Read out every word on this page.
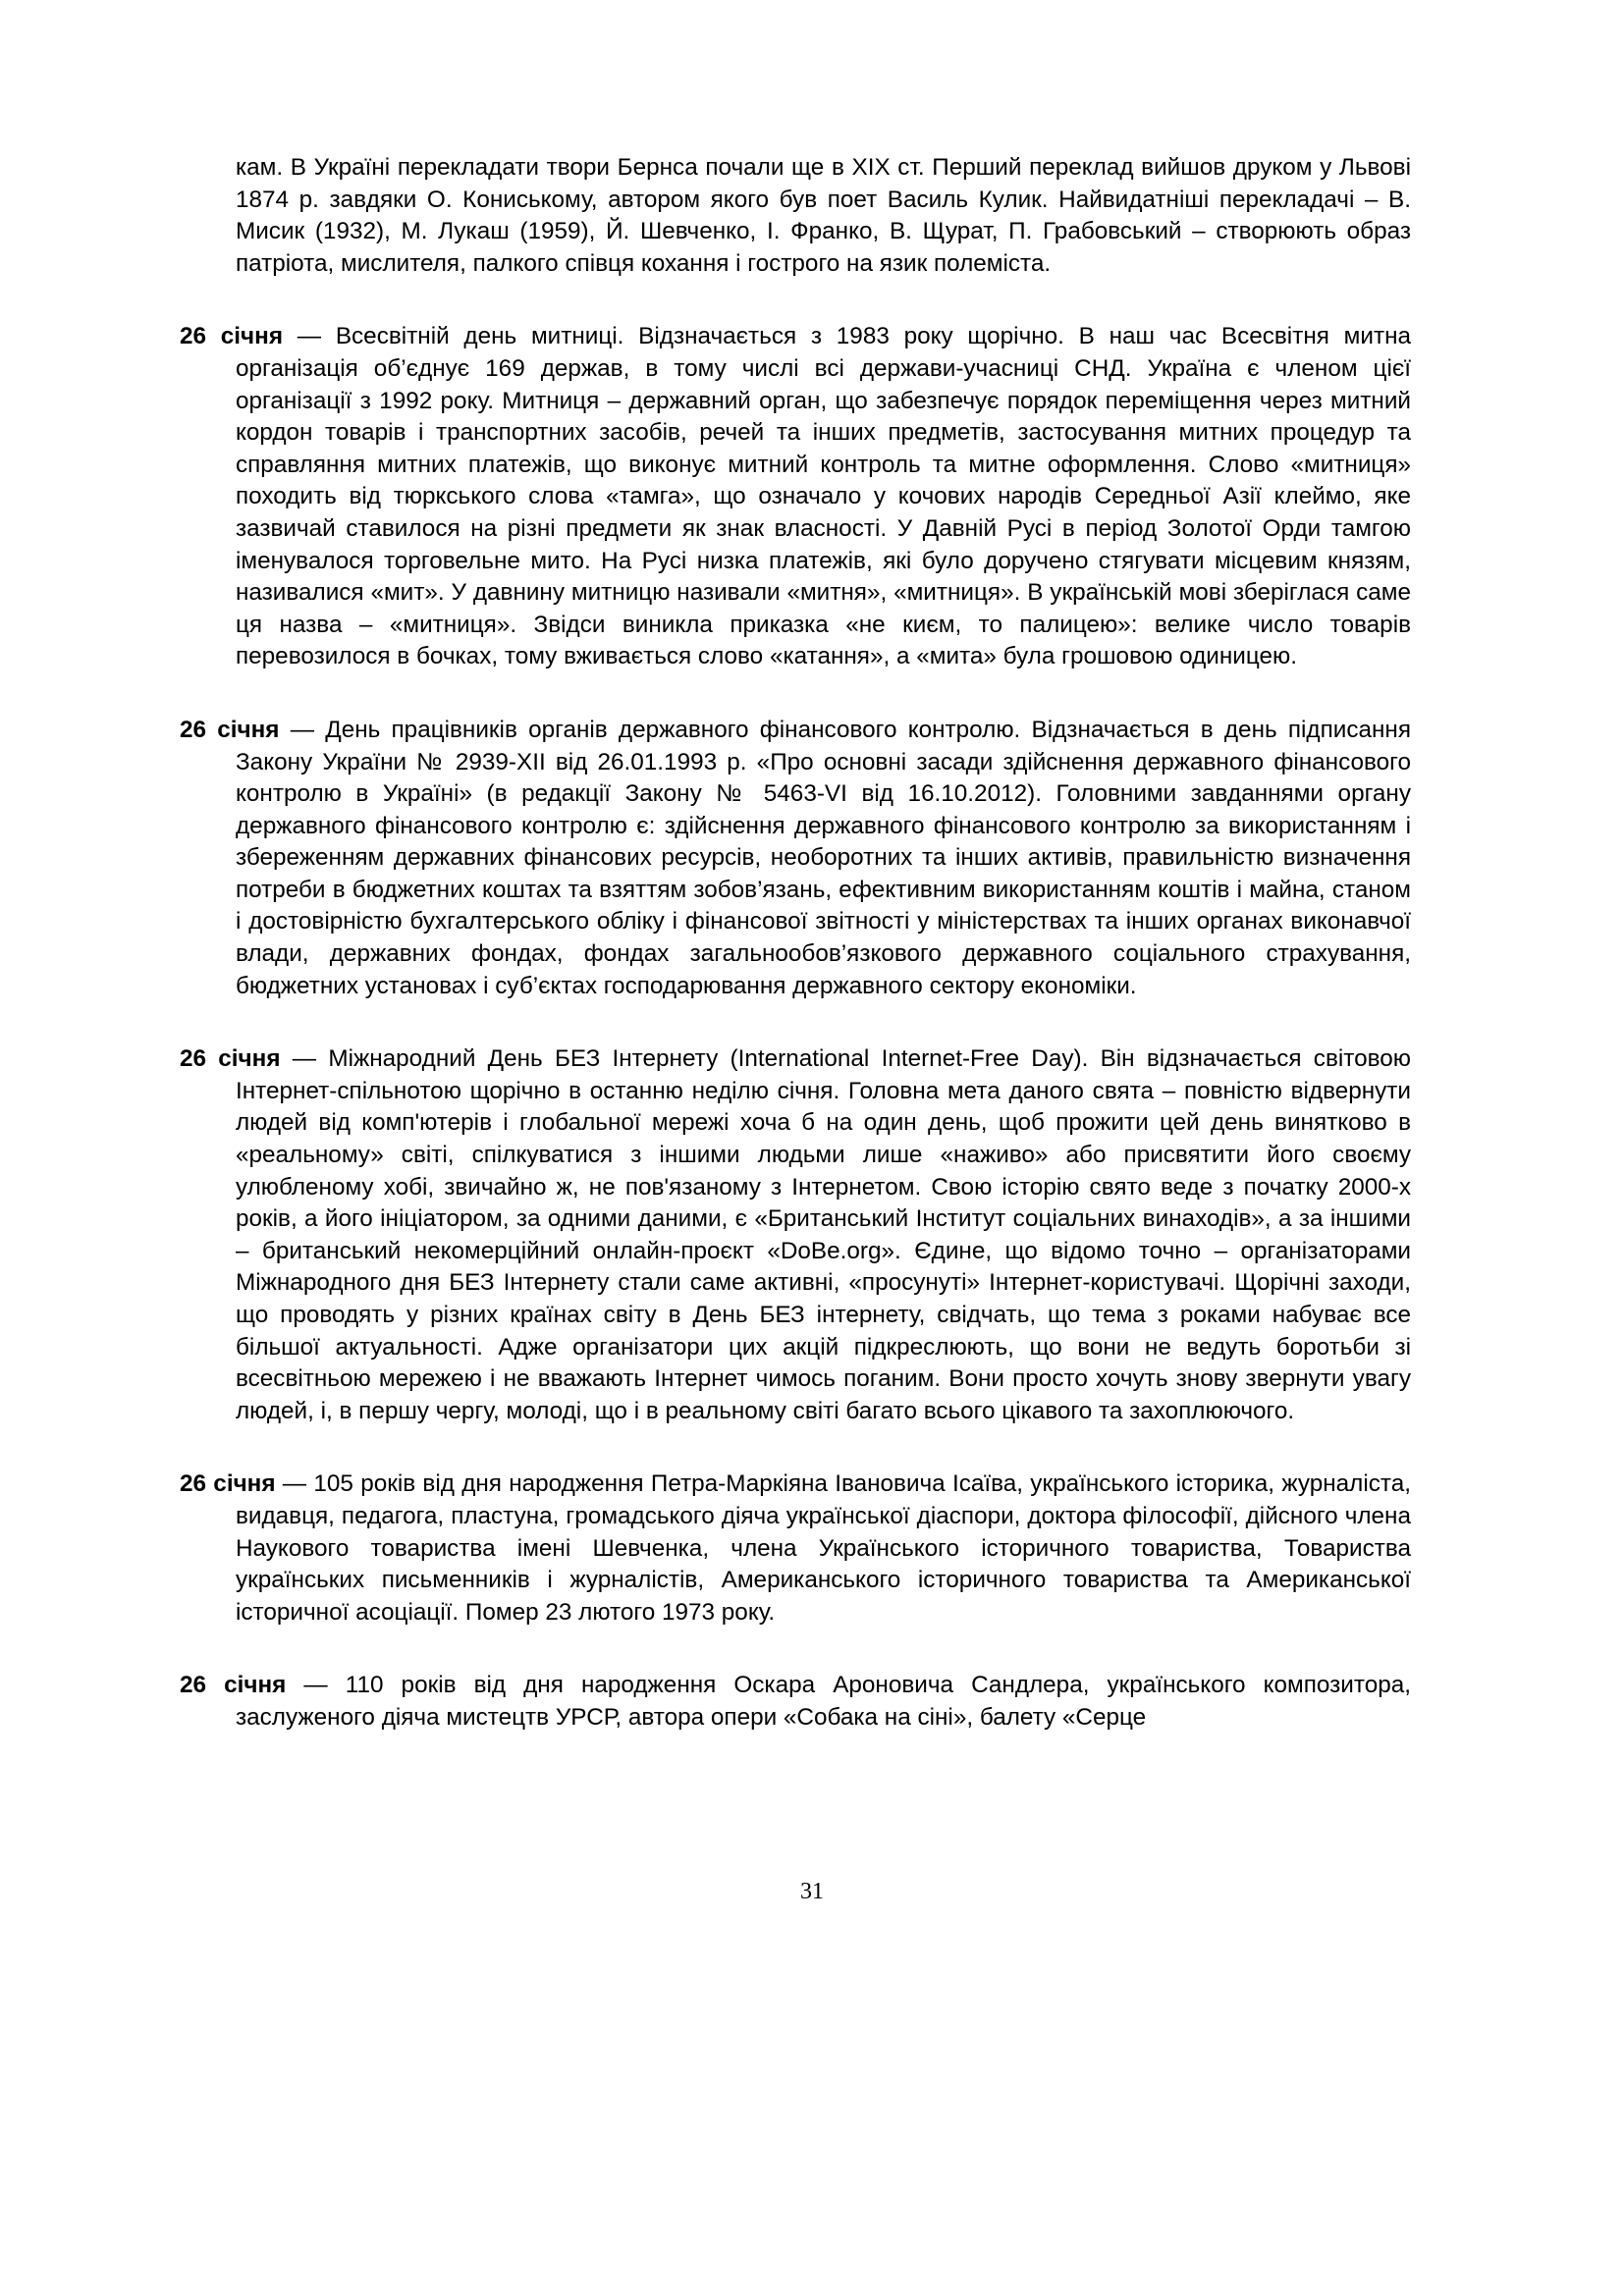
кам. В Україні перекладати твори Бернса почали ще в XIX ст. Перший переклад вийшов друком у Львові 1874 р. завдяки О. Кониському, автором якого був поет Василь Кулик. Найвидатніші перекладачі – В. Мисик (1932), М. Лукаш (1959), Й. Шевченко, І. Франко, В. Щурат, П. Грабовський – створюють образ патріота, мислителя, палкого співця кохання і гострого на язик полеміста.

26 січня — Всесвітній день митниці. Відзначається з 1983 року щорічно. В наш час Всесвітня митна організація об’єднує 169 держав, в тому числі всі держави-учасниці СНД. Україна є членом цієї організації з 1992 року. Митниця – державний орган, що забезпечує порядок переміщення через митний кордон товарів і транспортних засобів, речей та інших предметів, застосування митних процедур та справляння митних платежів, що виконує митний контроль та митне оформлення. Слово «митниця» походить від тюркського слова «тамга», що означало у кочових народів Середньої Азії клеймо, яке зазвичай ставилося на різні предмети як знак власності. У Давній Русі в період Золотої Орди тамгою іменувалося торговельне мито. На Русі низка платежів, які було доручено стягувати місцевим князям, називалися «мит». У давнину митницю називали «митня», «митниця». В українській мові зберіглася саме ця назва – «митниця». Звідси виникла приказка «не києм, то палицею»: велике число товарів перевозилося в бочках, тому вживається слово «катання», а «мита» була грошовою одиницею.

26 січня — День працівників органів державного фінансового контролю. Відзначається в день підписання Закону України № 2939-XII від 26.01.1993 р. «Про основні засади здійснення державного фінансового контролю в Україні» (в редакції Закону № 5463-VI від 16.10.2012). Головними завданнями органу державного фінансового контролю є: здійснення державного фінансового контролю за використанням і збереженням державних фінансових ресурсів, необоротних та інших активів, правильністю визначення потреби в бюджетних коштах та взяттям зобов’язань, ефективним використанням коштів і майна, станом і достовірністю бухгалтерського обліку і фінансової звітності у міністерствах та інших органах виконавчої влади, державних фондах, фондах загальнообов’язкового державного соціального страхування, бюджетних установах і суб’єктах господарювання державного сектору економіки.

26 січня — Міжнародний День БЕЗ Інтернету (International Internet-Free Day). Він відзначається світовою Інтернет-спільнотою щорічно в останню неділю січня. Головна мета даного свята – повністю відвернути людей від комп'ютерів і глобальної мережі хоча б на один день, щоб прожити цей день винятково в «реальному» світі, спілкуватися з іншими людьми лише «наживо» або присвятити його своєму улюбленому хобі, звичайно ж, не пов'язаному з Інтернетом. Свою історію свято веде з початку 2000-х років, а його ініціатором, за одними даними, є «Британський Інститут соціальних винаходів», а за іншими – британський некомерційний онлайн-проєкт «DoBe.org». Єдине, що відомо точно – організаторами Міжнародного дня БЕЗ Інтернету стали саме активні, «просунуті» Інтернет-користувачі. Щорічні заходи, що проводять у різних країнах світу в День БЕЗ інтернету, свідчать, що тема з роками набуває все більшої актуальності. Адже організатори цих акцій підкреслюють, що вони не ведуть боротьби зі всесвітньою мережею і не вважають Інтернет чимось поганим. Вони просто хочуть знову звернути увагу людей, і, в першу чергу, молоді, що і в реальному світі багато всього цікавого та захоплюючого.

26 січня — 105 років від дня народження Петра-Маркіяна Івановича Ісаїва, українського історика, журналіста, видавця, педагога, пластуна, громадського діяча української діаспори, доктора філософії, дійсного члена Наукового товариства імені Шевченка, члена Українського історичного товариства, Товариства українських письменників і журналістів, Американського історичного товариства та Американської історичної асоціації. Помер 23 лютого 1973 року.

26 січня — 110 років від дня народження Оскара Ароновича Сандлера, українського композитора, заслуженого діяча мистецтв УРСР, автора опери «Собака на сіні», балету «Серце

31
